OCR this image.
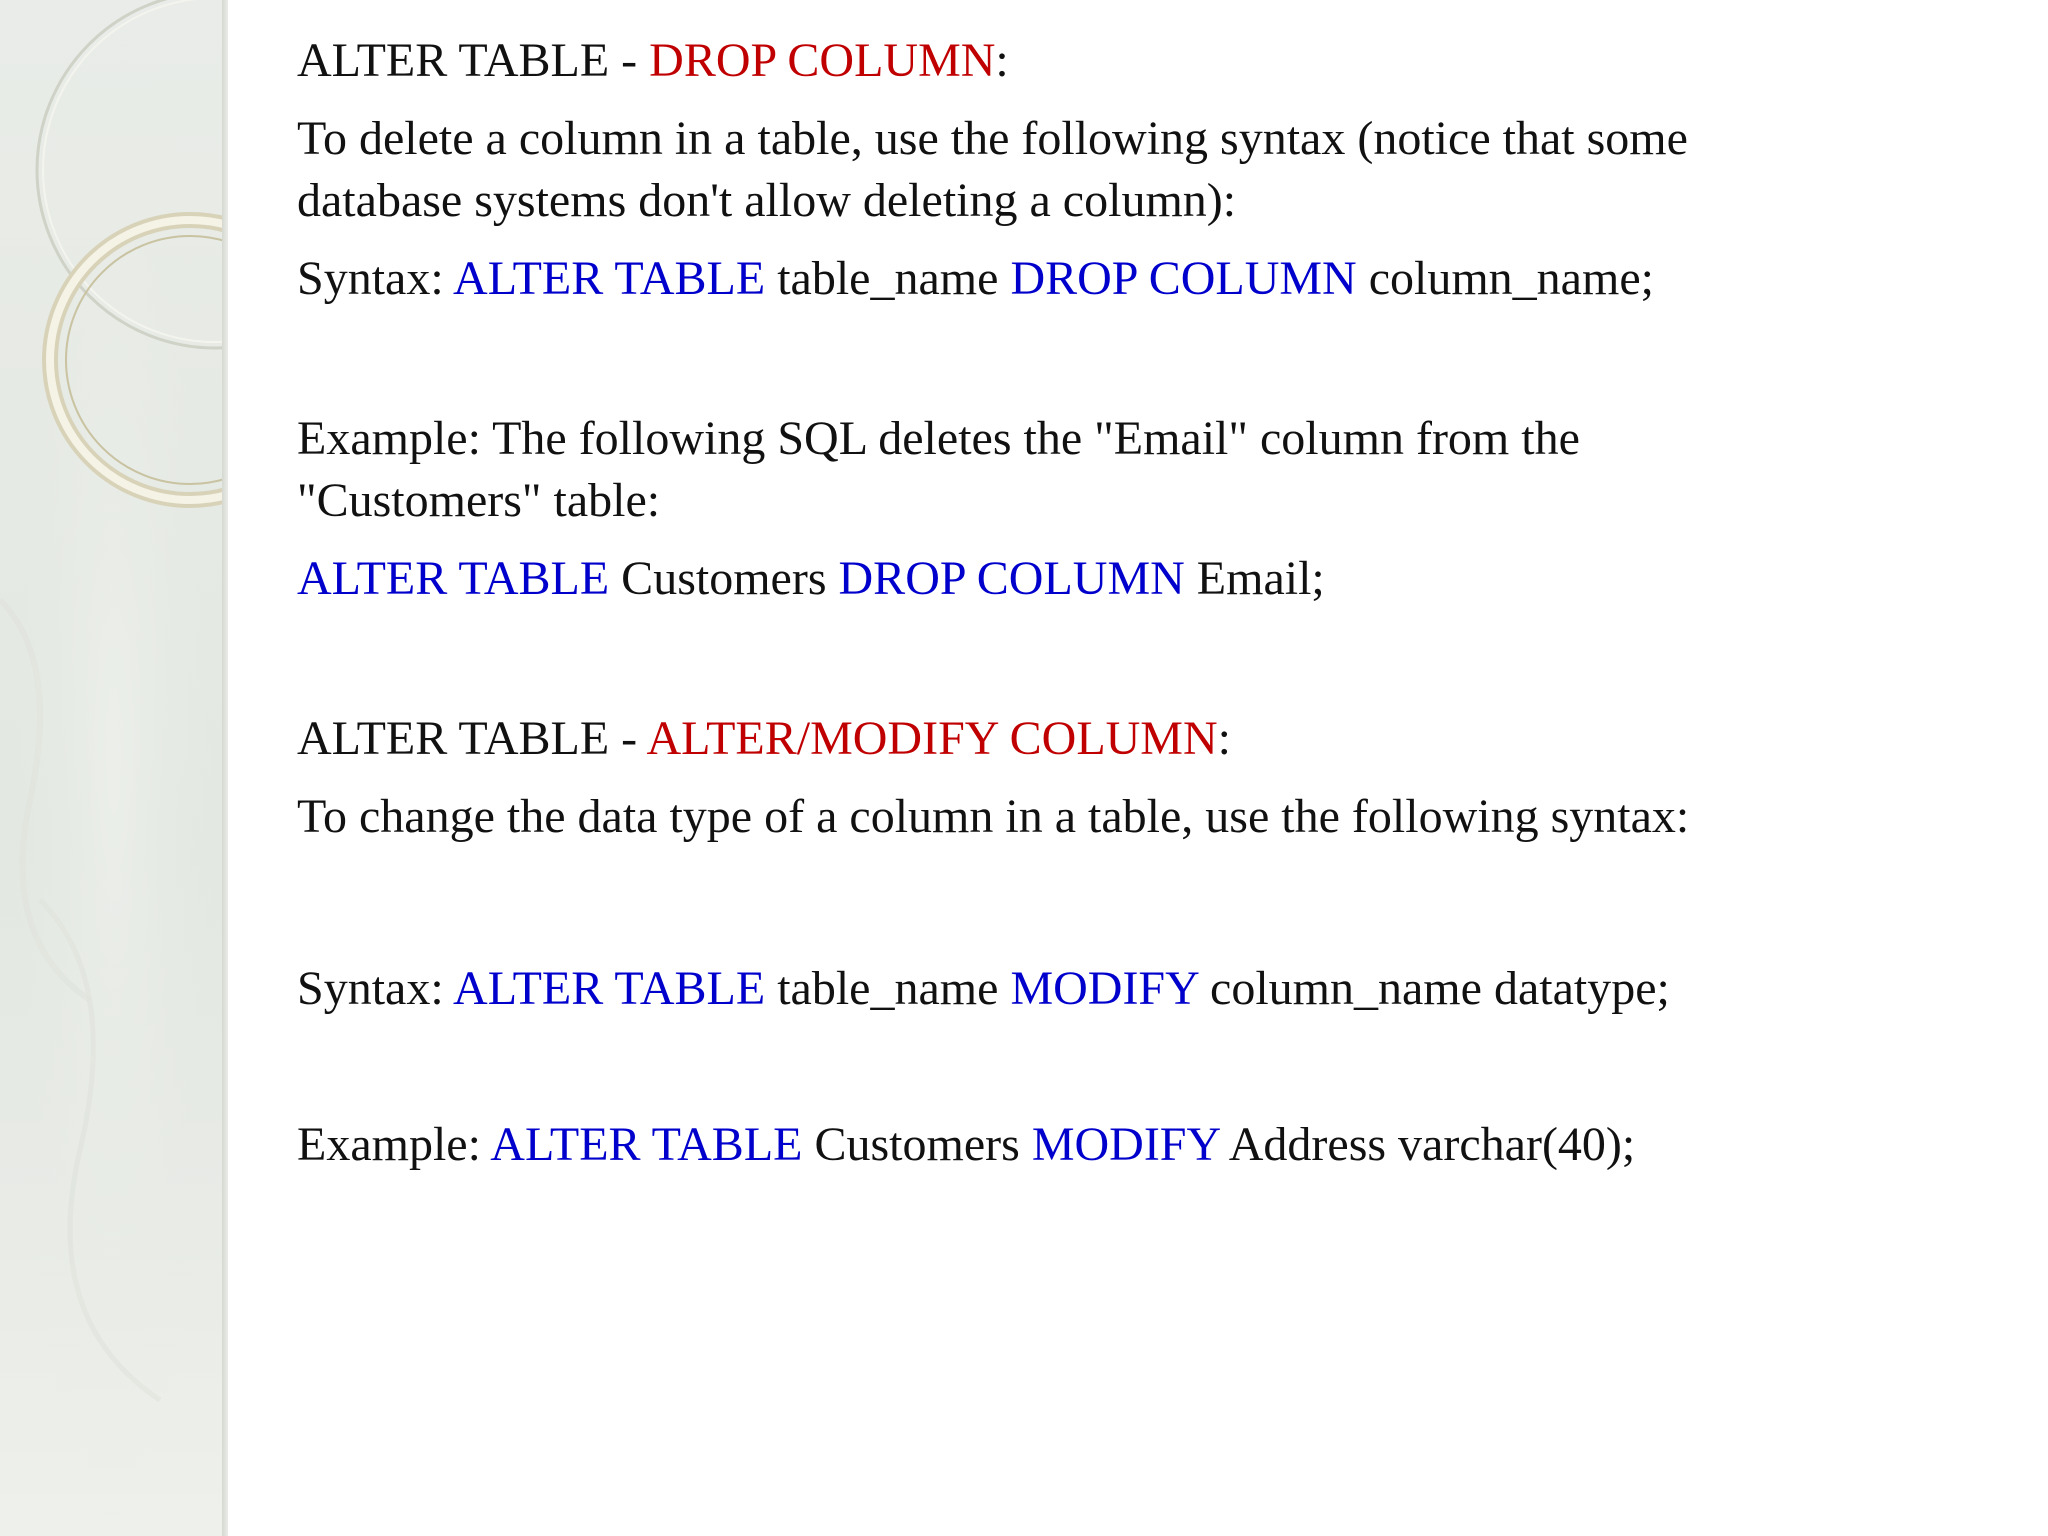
ALTER TABLE - DROP COLUMN:
To delete a column in a table, use the following syntax (notice that some
database systems don't allow deleting a column):
Syntax: ALTER TABLE table_name DROP COLUMN column_name;
Example: The following SQL deletes the "Email" column from the
"Customers" table:
ALTER TABLE Customers DROP COLUMN Email;
ALTER TABLE - ALTER/MODIFY COLUMN:
To change the data type of a column in a table, use the following syntax:
Syntax: ALTER TABLE table_name MODIFY column_name datatype;
Example: ALTER TABLE Customers MODIFY Address varchar(40);
